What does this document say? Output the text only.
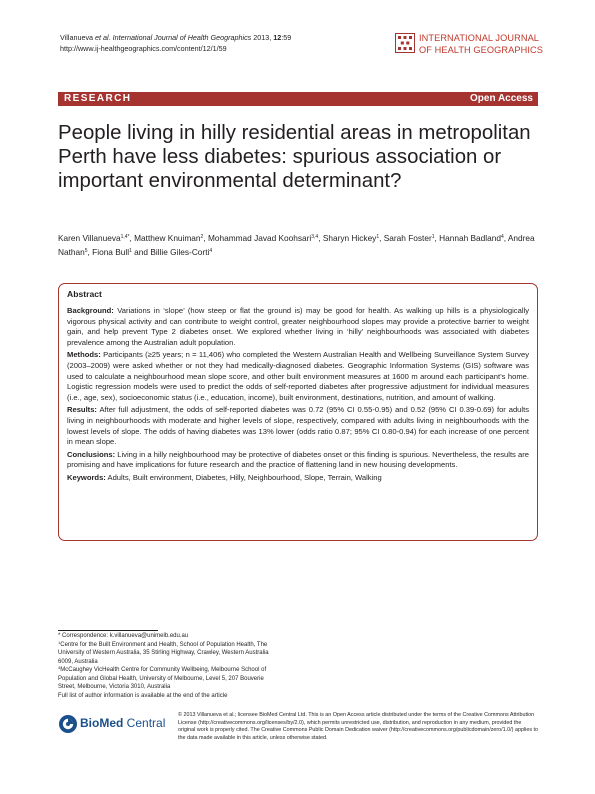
Villanueva et al. International Journal of Health Geographics 2013, 12:59
http://www.ij-healthgeographics.com/content/12/1/59
INTERNATIONAL JOURNAL
OF HEALTH GEOGRAPHICS
RESEARCH	Open Access
People living in hilly residential areas in metropolitan Perth have less diabetes: spurious association or important environmental determinant?
Karen Villanueva$^{1,4*}$, Matthew Knuiman$^2$, Mohammad Javad Koohsari$^{3,4}$, Sharyn Hickey$^1$, Sarah Foster$^1$, Hannah Badland$^4$, Andrea Nathan$^5$, Fiona Bull$^1$ and Billie Giles-Corti$^4$
Abstract

Background: Variations in ‘slope’ (how steep or flat the ground is) may be good for health. As walking up hills is a physiologically vigorous physical activity and can contribute to weight control, greater neighbourhood slopes may provide a protective barrier to weight gain, and help prevent Type 2 diabetes onset. We explored whether living in ‘hilly’ neighbourhoods was associated with diabetes prevalence among the Australian adult population.

Methods: Participants (≥25 years; n = 11,406) who completed the Western Australian Health and Wellbeing Surveillance System Survey (2003–2009) were asked whether or not they had medically-diagnosed diabetes. Geographic Information Systems (GIS) software was used to calculate a neighbourhood mean slope score, and other built environment measures at 1600 m around each participant’s home. Logistic regression models were used to predict the odds of self-reported diabetes after progressive adjustment for individual measures (i.e., age, sex), socioeconomic status (i.e., education, income), built environment, destinations, nutrition, and amount of walking.

Results: After full adjustment, the odds of self-reported diabetes was 0.72 (95% CI 0.55-0.95) and 0.52 (95% CI 0.39-0.69) for adults living in neighbourhoods with moderate and higher levels of slope, respectively, compared with adults living in neighbourhoods with the lowest levels of slope. The odds of having diabetes was 13% lower (odds ratio 0.87; 95% CI 0.80-0.94) for each increase of one percent in mean slope.

Conclusions: Living in a hilly neighbourhood may be protective of diabetes onset or this finding is spurious. Nevertheless, the results are promising and have implications for future research and the practice of flattening land in new housing developments.

Keywords: Adults, Built environment, Diabetes, Hilly, Neighbourhood, Slope, Terrain, Walking

* Correspondence: k.villanueva@unimelb.edu.au
$^1$Centre for the Built Environment and Health, School of Population Health, The University of Western Australia, 35 Stirling Highway, Crawley, Western Australia 6009, Australia
$^4$McCaughey VicHealth Centre for Community Wellbeing, Melbourne School of Population and Global Health, University of Melbourne, Level 5, 207 Bouverie Street, Melbourne, Victoria 3010, Australia
Full list of author information is available at the end of the article
BioMed Central
© 2013 Villanueva et al.; licensee BioMed Central Ltd. This is an Open Access article distributed under the terms of the Creative Commons Attribution License (http://creativecommons.org/licenses/by/2.0), which permits unrestricted use, distribution, and reproduction in any medium, provided the original work is properly cited. The Creative Commons Public Domain Dedication waiver (http://creativecommons.org/publicdomain/zero/1.0/) applies to the data made available in this article, unless otherwise stated.
